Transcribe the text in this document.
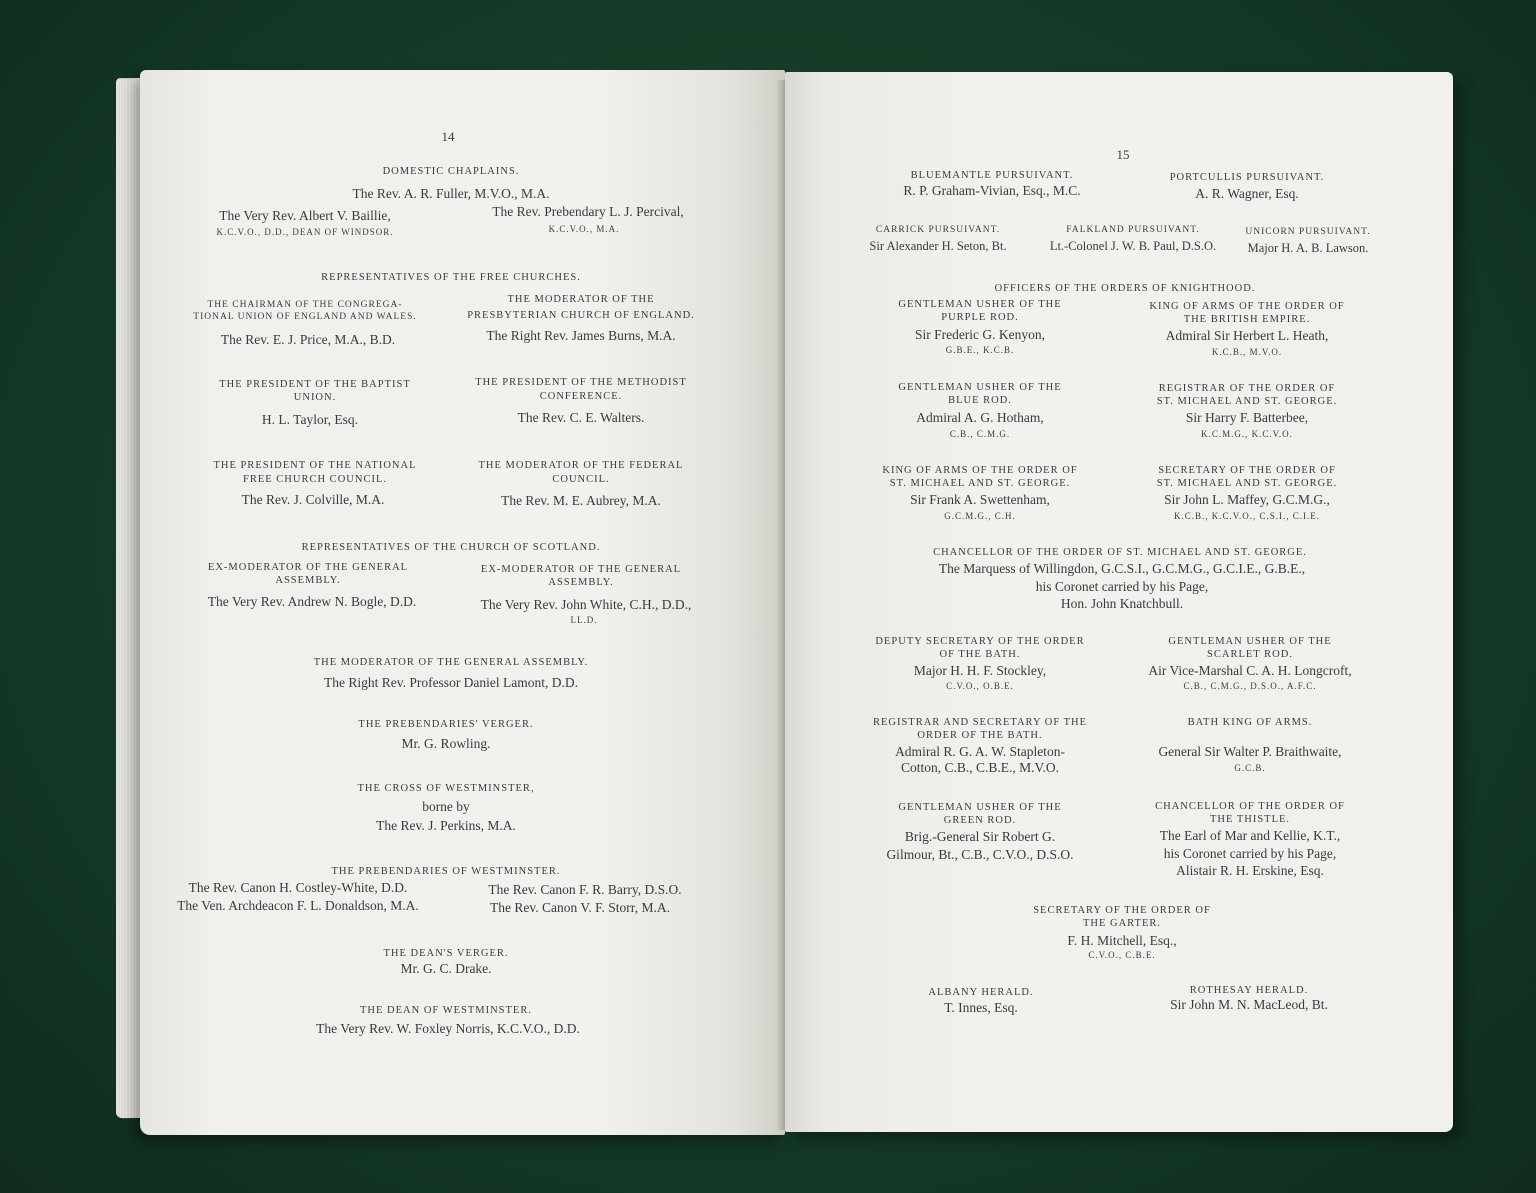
14
DOMESTIC CHAPLAINS.
The Rev. A. R. Fuller, M.V.O., M.A.
The Very Rev. Albert V. Baillie,
K.C.V.O., D.D., DEAN OF WINDSOR.
The Rev. Prebendary L. J. Percival,
K.C.V.O., M.A.
REPRESENTATIVES OF THE FREE CHURCHES.
THE CHAIRMAN OF THE CONGREGA-
TIONAL UNION OF ENGLAND AND WALES.
The Rev. E. J. Price, M.A., B.D.
THE MODERATOR OF THE
PRESBYTERIAN CHURCH OF ENGLAND.
The Right Rev. James Burns, M.A.
THE PRESIDENT OF THE BAPTIST
UNION.
H. L. Taylor, Esq.
THE PRESIDENT OF THE METHODIST
CONFERENCE.
The Rev. C. E. Walters.
THE PRESIDENT OF THE NATIONAL
FREE CHURCH COUNCIL.
The Rev. J. Colville, M.A.
THE MODERATOR OF THE FEDERAL
COUNCIL.
The Rev. M. E. Aubrey, M.A.
REPRESENTATIVES OF THE CHURCH OF SCOTLAND.
EX-MODERATOR OF THE GENERAL
ASSEMBLY.
The Very Rev. Andrew N. Bogle, D.D.
EX-MODERATOR OF THE GENERAL
ASSEMBLY.
The Very Rev. John White, C.H., D.D.,
LL.D.
THE MODERATOR OF THE GENERAL ASSEMBLY.
The Right Rev. Professor Daniel Lamont, D.D.
THE PREBENDARIES' VERGER.
Mr. G. Rowling.
THE CROSS OF WESTMINSTER,
borne by
The Rev. J. Perkins, M.A.
THE PREBENDARIES OF WESTMINSTER.
The Rev. Canon H. Costley-White, D.D.
The Ven. Archdeacon F. L. Donaldson, M.A.
The Rev. Canon F. R. Barry, D.S.O.
The Rev. Canon V. F. Storr, M.A.
THE DEAN'S VERGER.
Mr. G. C. Drake.
THE DEAN OF WESTMINSTER.
The Very Rev. W. Foxley Norris, K.C.V.O., D.D.
15
BLUEMANTLE PURSUIVANT.
R. P. Graham-Vivian, Esq., M.C.
PORTCULLIS PURSUIVANT.
A. R. Wagner, Esq.
CARRICK PURSUIVANT.
Sir Alexander H. Seton, Bt.
FALKLAND PURSUIVANT.
Lt.-Colonel J. W. B. Paul, D.S.O.
UNICORN PURSUIVANT.
Major H. A. B. Lawson.
OFFICERS OF THE ORDERS OF KNIGHTHOOD.
GENTLEMAN USHER OF THE
PURPLE ROD.
Sir Frederic G. Kenyon,
G.B.E., K.C.B.
KING OF ARMS OF THE ORDER OF
THE BRITISH EMPIRE.
Admiral Sir Herbert L. Heath,
K.C.B., M.V.O.
GENTLEMAN USHER OF THE
BLUE ROD.
Admiral A. G. Hotham,
C.B., C.M.G.
REGISTRAR OF THE ORDER OF
ST. MICHAEL AND ST. GEORGE.
Sir Harry F. Batterbee,
K.C.M.G., K.C.V.O.
KING OF ARMS OF THE ORDER OF
ST. MICHAEL AND ST. GEORGE.
Sir Frank A. Swettenham,
G.C.M.G., C.H.
SECRETARY OF THE ORDER OF
ST. MICHAEL AND ST. GEORGE.
Sir John L. Maffey, G.C.M.G.,
K.C.B., K.C.V.O., C.S.I., C.I.E.
CHANCELLOR OF THE ORDER OF ST. MICHAEL AND ST. GEORGE.
The Marquess of Willingdon, G.C.S.I., G.C.M.G., G.C.I.E., G.B.E.,
his Coronet carried by his Page,
Hon. John Knatchbull.
DEPUTY SECRETARY OF THE ORDER
OF THE BATH.
Major H. H. F. Stockley,
C.V.O., O.B.E.
GENTLEMAN USHER OF THE
SCARLET ROD.
Air Vice-Marshal C. A. H. Longcroft,
C.B., C.M.G., D.S.O., A.F.C.
REGISTRAR AND SECRETARY OF THE
ORDER OF THE BATH.
Admiral R. G. A. W. Stapleton-
Cotton, C.B., C.B.E., M.V.O.
BATH KING OF ARMS.
General Sir Walter P. Braithwaite,
G.C.B.
GENTLEMAN USHER OF THE
GREEN ROD.
Brig.-General Sir Robert G.
Gilmour, Bt., C.B., C.V.O., D.S.O.
CHANCELLOR OF THE ORDER OF
THE THISTLE.
The Earl of Mar and Kellie, K.T.,
his Coronet carried by his Page,
Alistair R. H. Erskine, Esq.
SECRETARY OF THE ORDER OF
THE GARTER.
F. H. Mitchell, Esq.,
C.V.O., C.B.E.
ALBANY HERALD.
T. Innes, Esq.
ROTHESAY HERALD.
Sir John M. N. MacLeod, Bt.
